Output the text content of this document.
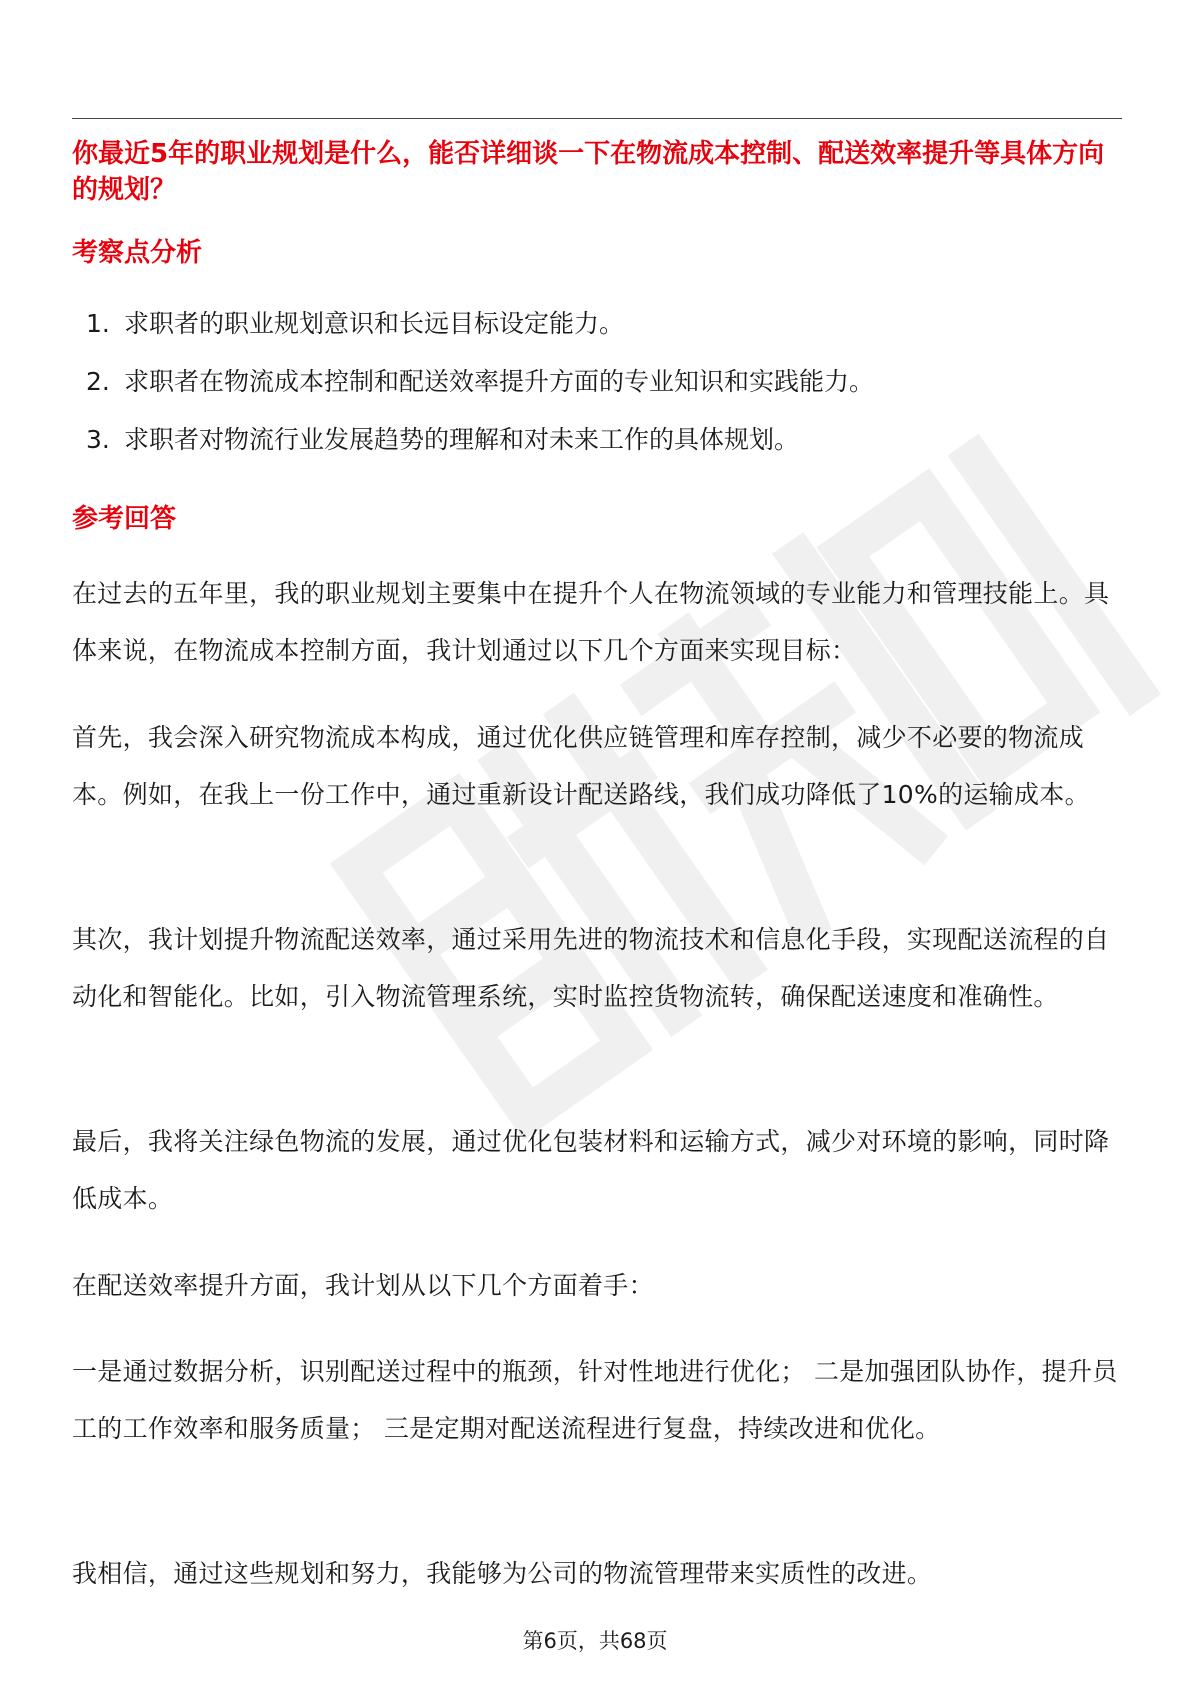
你最近5年的职业规划是什么，能否详细谈一下在物流成本控制、配送效率提升等具体方向的规划？

考察点分析
1. 求职者的职业规划意识和长远目标设定能力。
2. 求职者在物流成本控制和配送效率提升方面的专业知识和实践能力。
3. 求职者对物流行业发展趋势的理解和对未来工作的具体规划。
参考回答

在过去的五年里，我的职业规划主要集中在提升个人在物流领域的专业能力和管理技能上。具体来说，在物流成本控制方面，我计划通过以下几个方面来实现目标：

首先，我会深入研究物流成本构成，通过优化供应链管理和库存控制，减少不必要的物流成本。例如，在我上一份工作中，通过重新设计配送路线，我们成功降低了10%的运输成本。

其次，我计划提升物流配送效率，通过采用先进的物流技术和信息化手段，实现配送流程的自动化和智能化。比如，引入物流管理系统，实时监控货物流转，确保配送速度和准确性。

最后，我将关注绿色物流的发展，通过优化包装材料和运输方式，减少对环境的影响，同时降低成本。

在配送效率提升方面，我计划从以下几个方面着手：

一是通过数据分析，识别配送过程中的瓶颈，针对性地进行优化； 二是加强团队协作，提升员工的工作效率和服务质量； 三是定期对配送流程进行复盘，持续改进和优化。

我相信，通过这些规划和努力，我能够为公司的物流管理带来实质性的改进。

第6页，共68页
